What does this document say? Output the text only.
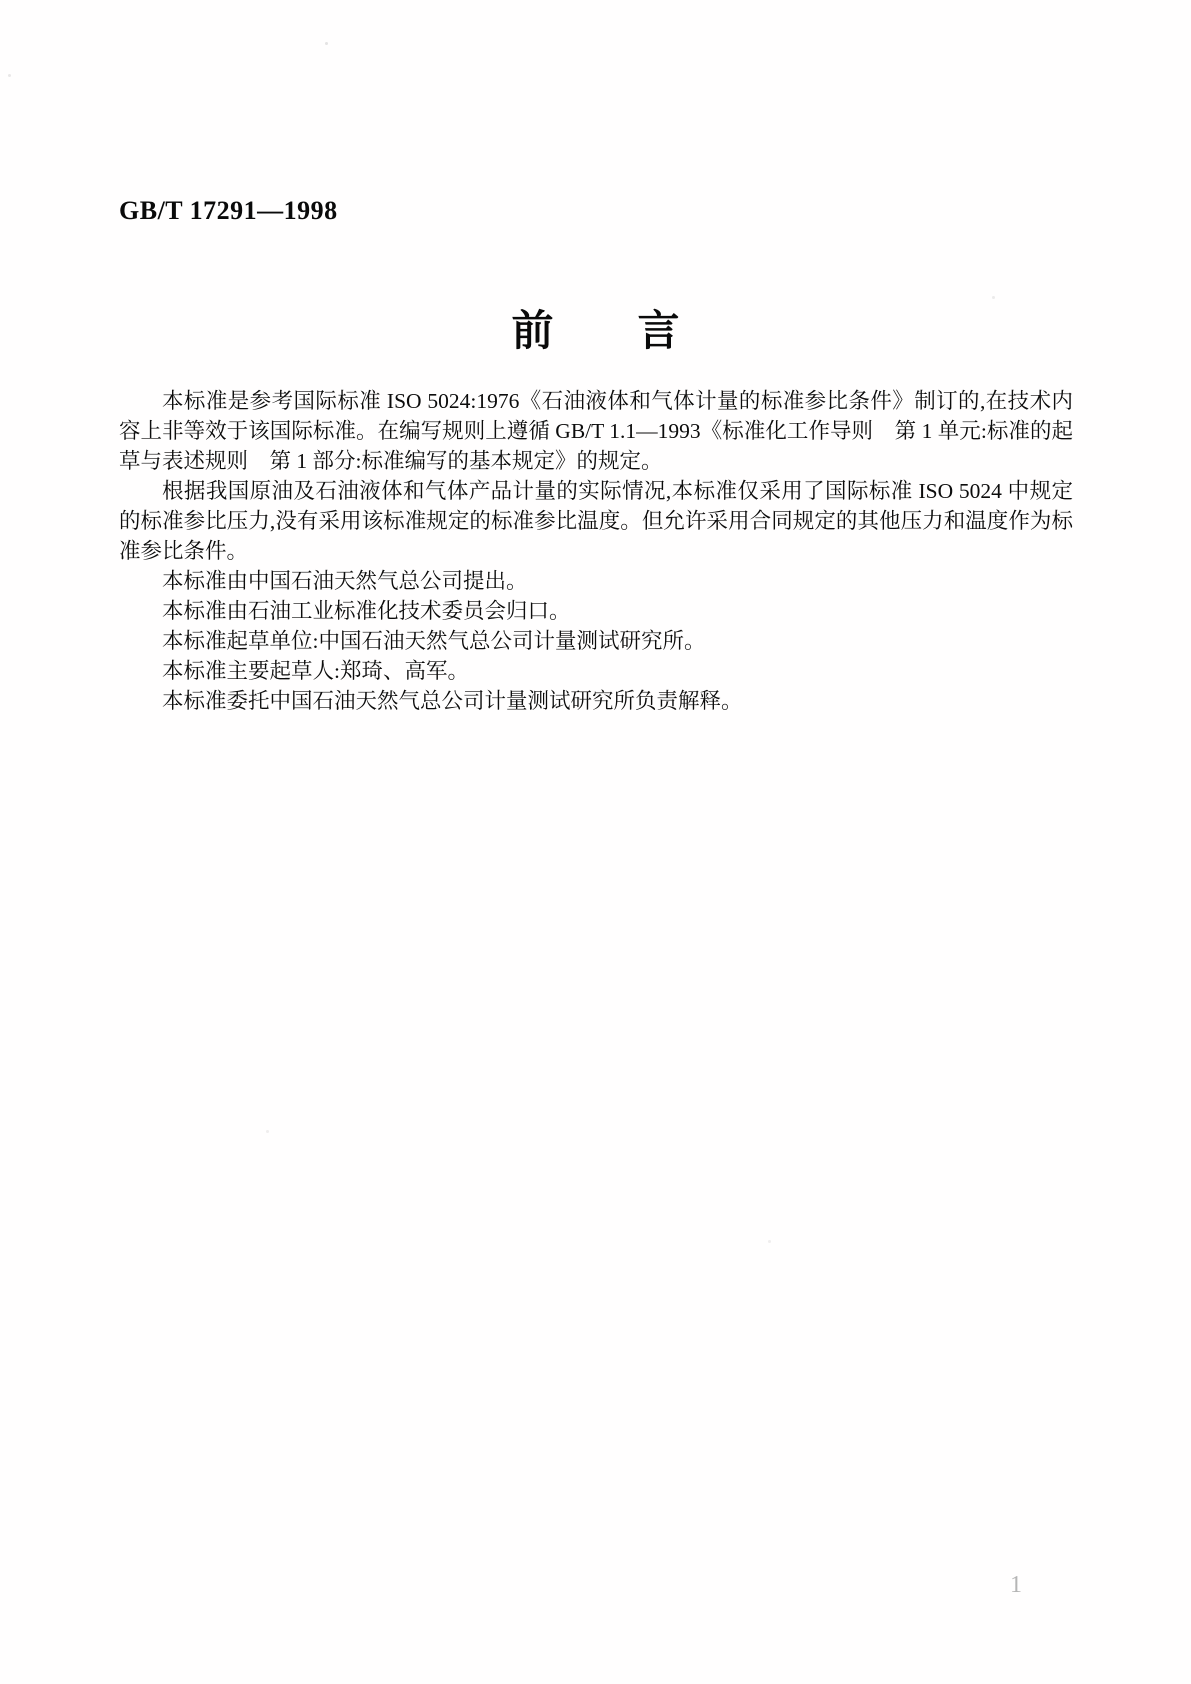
GB/T 17291—1998
前　　言

本标准是参考国际标准 ISO 5024:1976《石油液体和气体计量的标准参比条件》制订的,在技术内容上非等效于该国际标准。在编写规则上遵循 GB/T 1.1—1993《标准化工作导则　第 1 单元:标准的起草与表述规则　第 1 部分:标准编写的基本规定》的规定。

根据我国原油及石油液体和气体产品计量的实际情况,本标准仅采用了国际标准 ISO 5024 中规定的标准参比压力,没有采用该标准规定的标准参比温度。但允许采用合同规定的其他压力和温度作为标准参比条件。

本标准由中国石油天然气总公司提出。

本标准由石油工业标准化技术委员会归口。

本标准起草单位:中国石油天然气总公司计量测试研究所。

本标准主要起草人:郑琦、高军。

本标准委托中国石油天然气总公司计量测试研究所负责解释。

1
